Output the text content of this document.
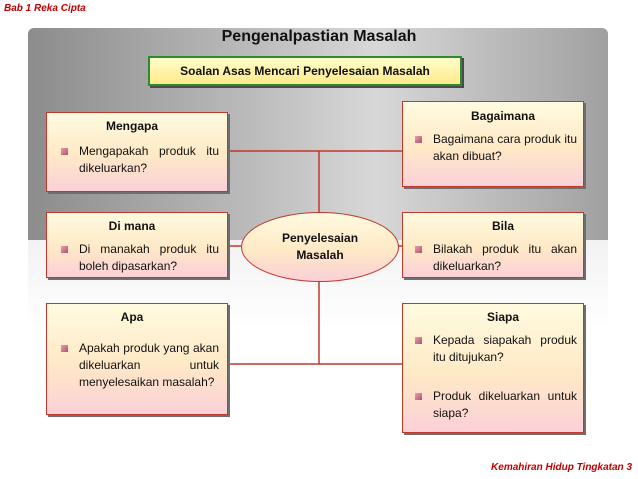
Bab 1 Reka Cipta
Pengenalpastian Masalah
Soalan Asas Mencari Penyelesaian Masalah
Mengapa
Mengapakah produk itu dikeluarkan?
Di mana
Di manakah produk itu boleh dipasarkan?
Apa
Apakah produk yang akan dikeluarkan untuk menyelesaikan masalah?
Bagaimana
Bagaimana cara produk itu akan dibuat?
Bila
Bilakah produk itu akan dikeluarkan?
Siapa
Kepada siapakah produk itu ditujukan?
Produk dikeluarkan untuk siapa?
Penyelesaian
Masalah
Kemahiran Hidup Tingkatan 3
